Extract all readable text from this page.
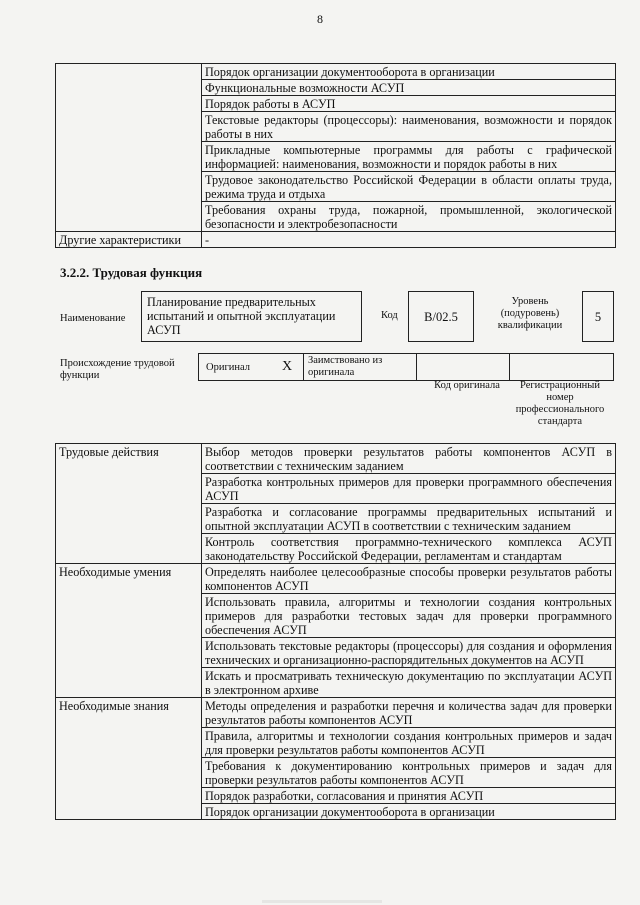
8
	Порядок организации документооборота в организации
	Функциональные возможности АСУП
	Порядок работы в АСУП
	Текстовые редакторы (процессоры): наименования, возможности и порядок работы в них
	Прикладные компьютерные программы для работы с графической информацией: наименования, возможности и порядок работы в них
	Трудовое законодательство Российской Федерации в области оплаты труда, режима труда и отдыха
	Требования охраны труда, пожарной, промышленной, экологической безопасности и электробезопасности
Другие характеристики	-
3.2.2. Трудовая функция
Наименование
Планирование предварительных испытаний и опытной эксплуатации АСУП
Код	B/02.5
Уровень (подуровень) квалификации
5
Происхождение трудовой функции
Оригинал X Заимствовано из оригинала
Код оригинала	Регистрационный номер профессионального стандарта
Трудовые действия	Выбор методов проверки результатов работы компонентов АСУП в соответствии с техническим заданием
	Разработка контрольных примеров для проверки программного обеспечения АСУП
	Разработка и согласование программы предварительных испытаний и опытной эксплуатации АСУП в соответствии с техническим заданием
	Контроль соответствия программно-технического комплекса АСУП законодательству Российской Федерации, регламентам и стандартам
Необходимые умения	Определять наиболее целесообразные способы проверки результатов работы компонентов АСУП
	Использовать правила, алгоритмы и технологии создания контрольных примеров для разработки тестовых задач для проверки программного обеспечения АСУП
	Использовать текстовые редакторы (процессоры) для создания и оформления технических и организационно-распорядительных документов на АСУП
	Искать и просматривать техническую документацию по эксплуатации АСУП в электронном архиве
Необходимые знания	Методы определения и разработки перечня и количества задач для проверки результатов работы компонентов АСУП
	Правила, алгоритмы и технологии создания контрольных примеров и задач для проверки результатов работы компонентов АСУП
	Требования к документированию контрольных примеров и задач для проверки результатов работы компонентов АСУП
	Порядок разработки, согласования и принятия АСУП
	Порядок организации документооборота в организации
